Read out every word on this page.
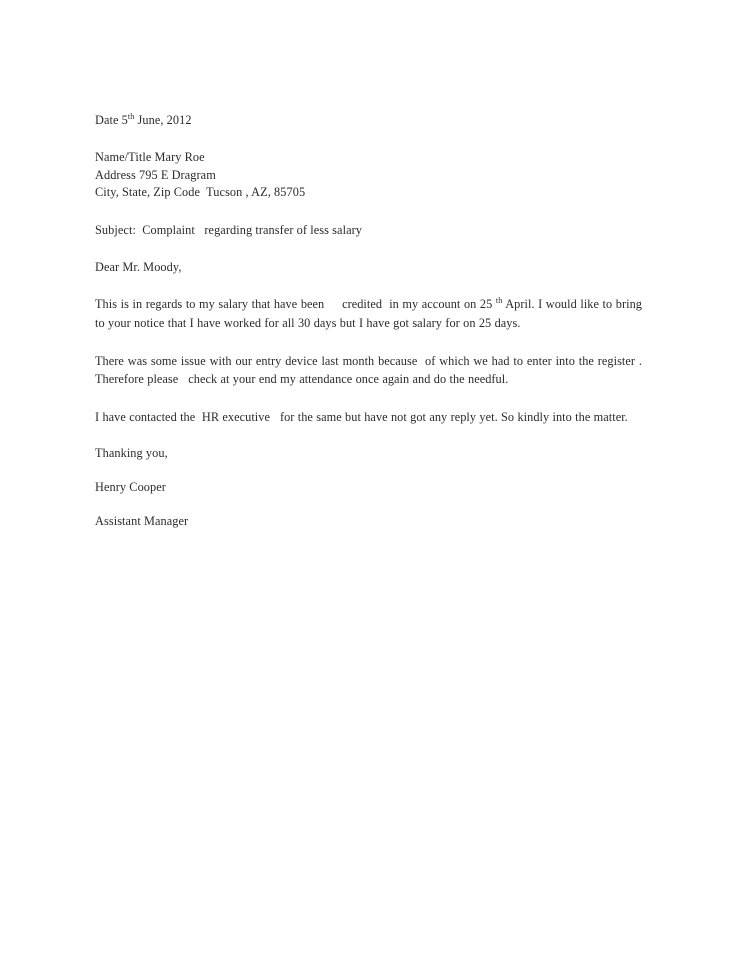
Date 5th June, 2012
Name/Title Mary Roe
Address 795 E Dragram
City, State, Zip Code  Tucson , AZ, 85705
Subject:  Complaint   regarding transfer of less salary
Dear Mr. Moody,
This is in regards to my salary that have been     credited  in my account on 25 $^{th}$ April. I would like to bring to your notice that I have worked for all 30 days but I have got salary for on 25 days.
There was some issue with our entry device last month because  of which we had to enter into the register . Therefore please   check at your end my attendance once again and do the needful.
I have contacted the  HR executive   for the same but have not got any reply yet. So kindly into the matter.
Thanking you,
Henry Cooper
Assistant Manager
